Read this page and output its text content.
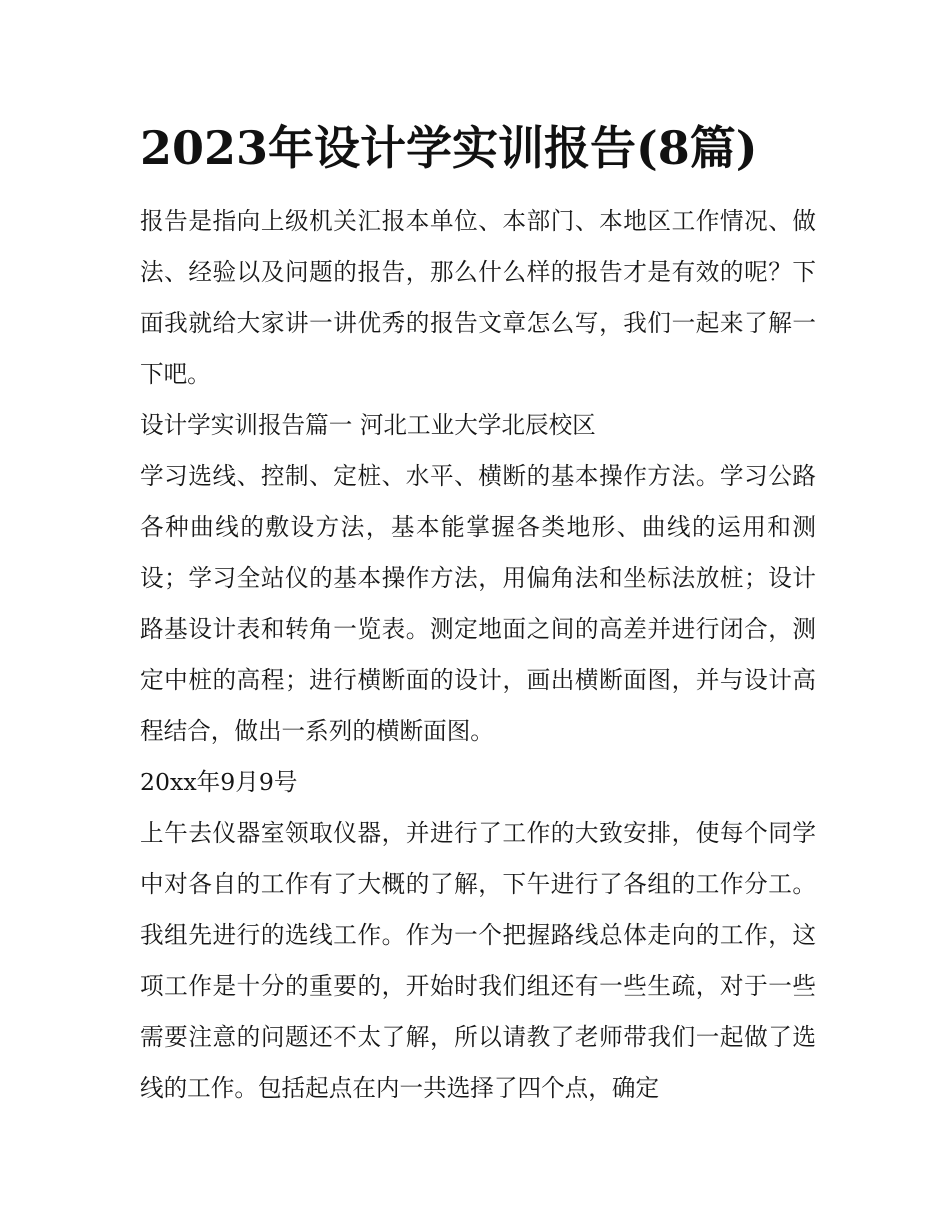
2023年设计学实训报告(8篇)

报告是指向上级机关汇报本单位、本部门、本地区工作情况、做法、经验以及问题的报告，那么什么样的报告才是有效的呢？下面我就给大家讲一讲优秀的报告文章怎么写，我们一起来了解一下吧。

设计学实训报告篇一 河北工业大学北辰校区

学习选线、控制、定桩、水平、横断的基本操作方法。学习公路各种曲线的敷设方法，基本能掌握各类地形、曲线的运用和测设；学习全站仪的基本操作方法，用偏角法和坐标法放桩；设计路基设计表和转角一览表。测定地面之间的高差并进行闭合，测定中桩的高程；进行横断面的设计，画出横断面图，并与设计高程结合，做出一系列的横断面图。

20xx年9月9号

上午去仪器室领取仪器，并进行了工作的大致安排，使每个同学中对各自的工作有了大概的了解，下午进行了各组的工作分工。我组先进行的选线工作。作为一个把握路线总体走向的工作，这项工作是十分的重要的，开始时我们组还有一些生疏，对于一些需要注意的问题还不太了解，所以请教了老师带我们一起做了选线的工作。包括起点在内一共选择了四个点，确定
